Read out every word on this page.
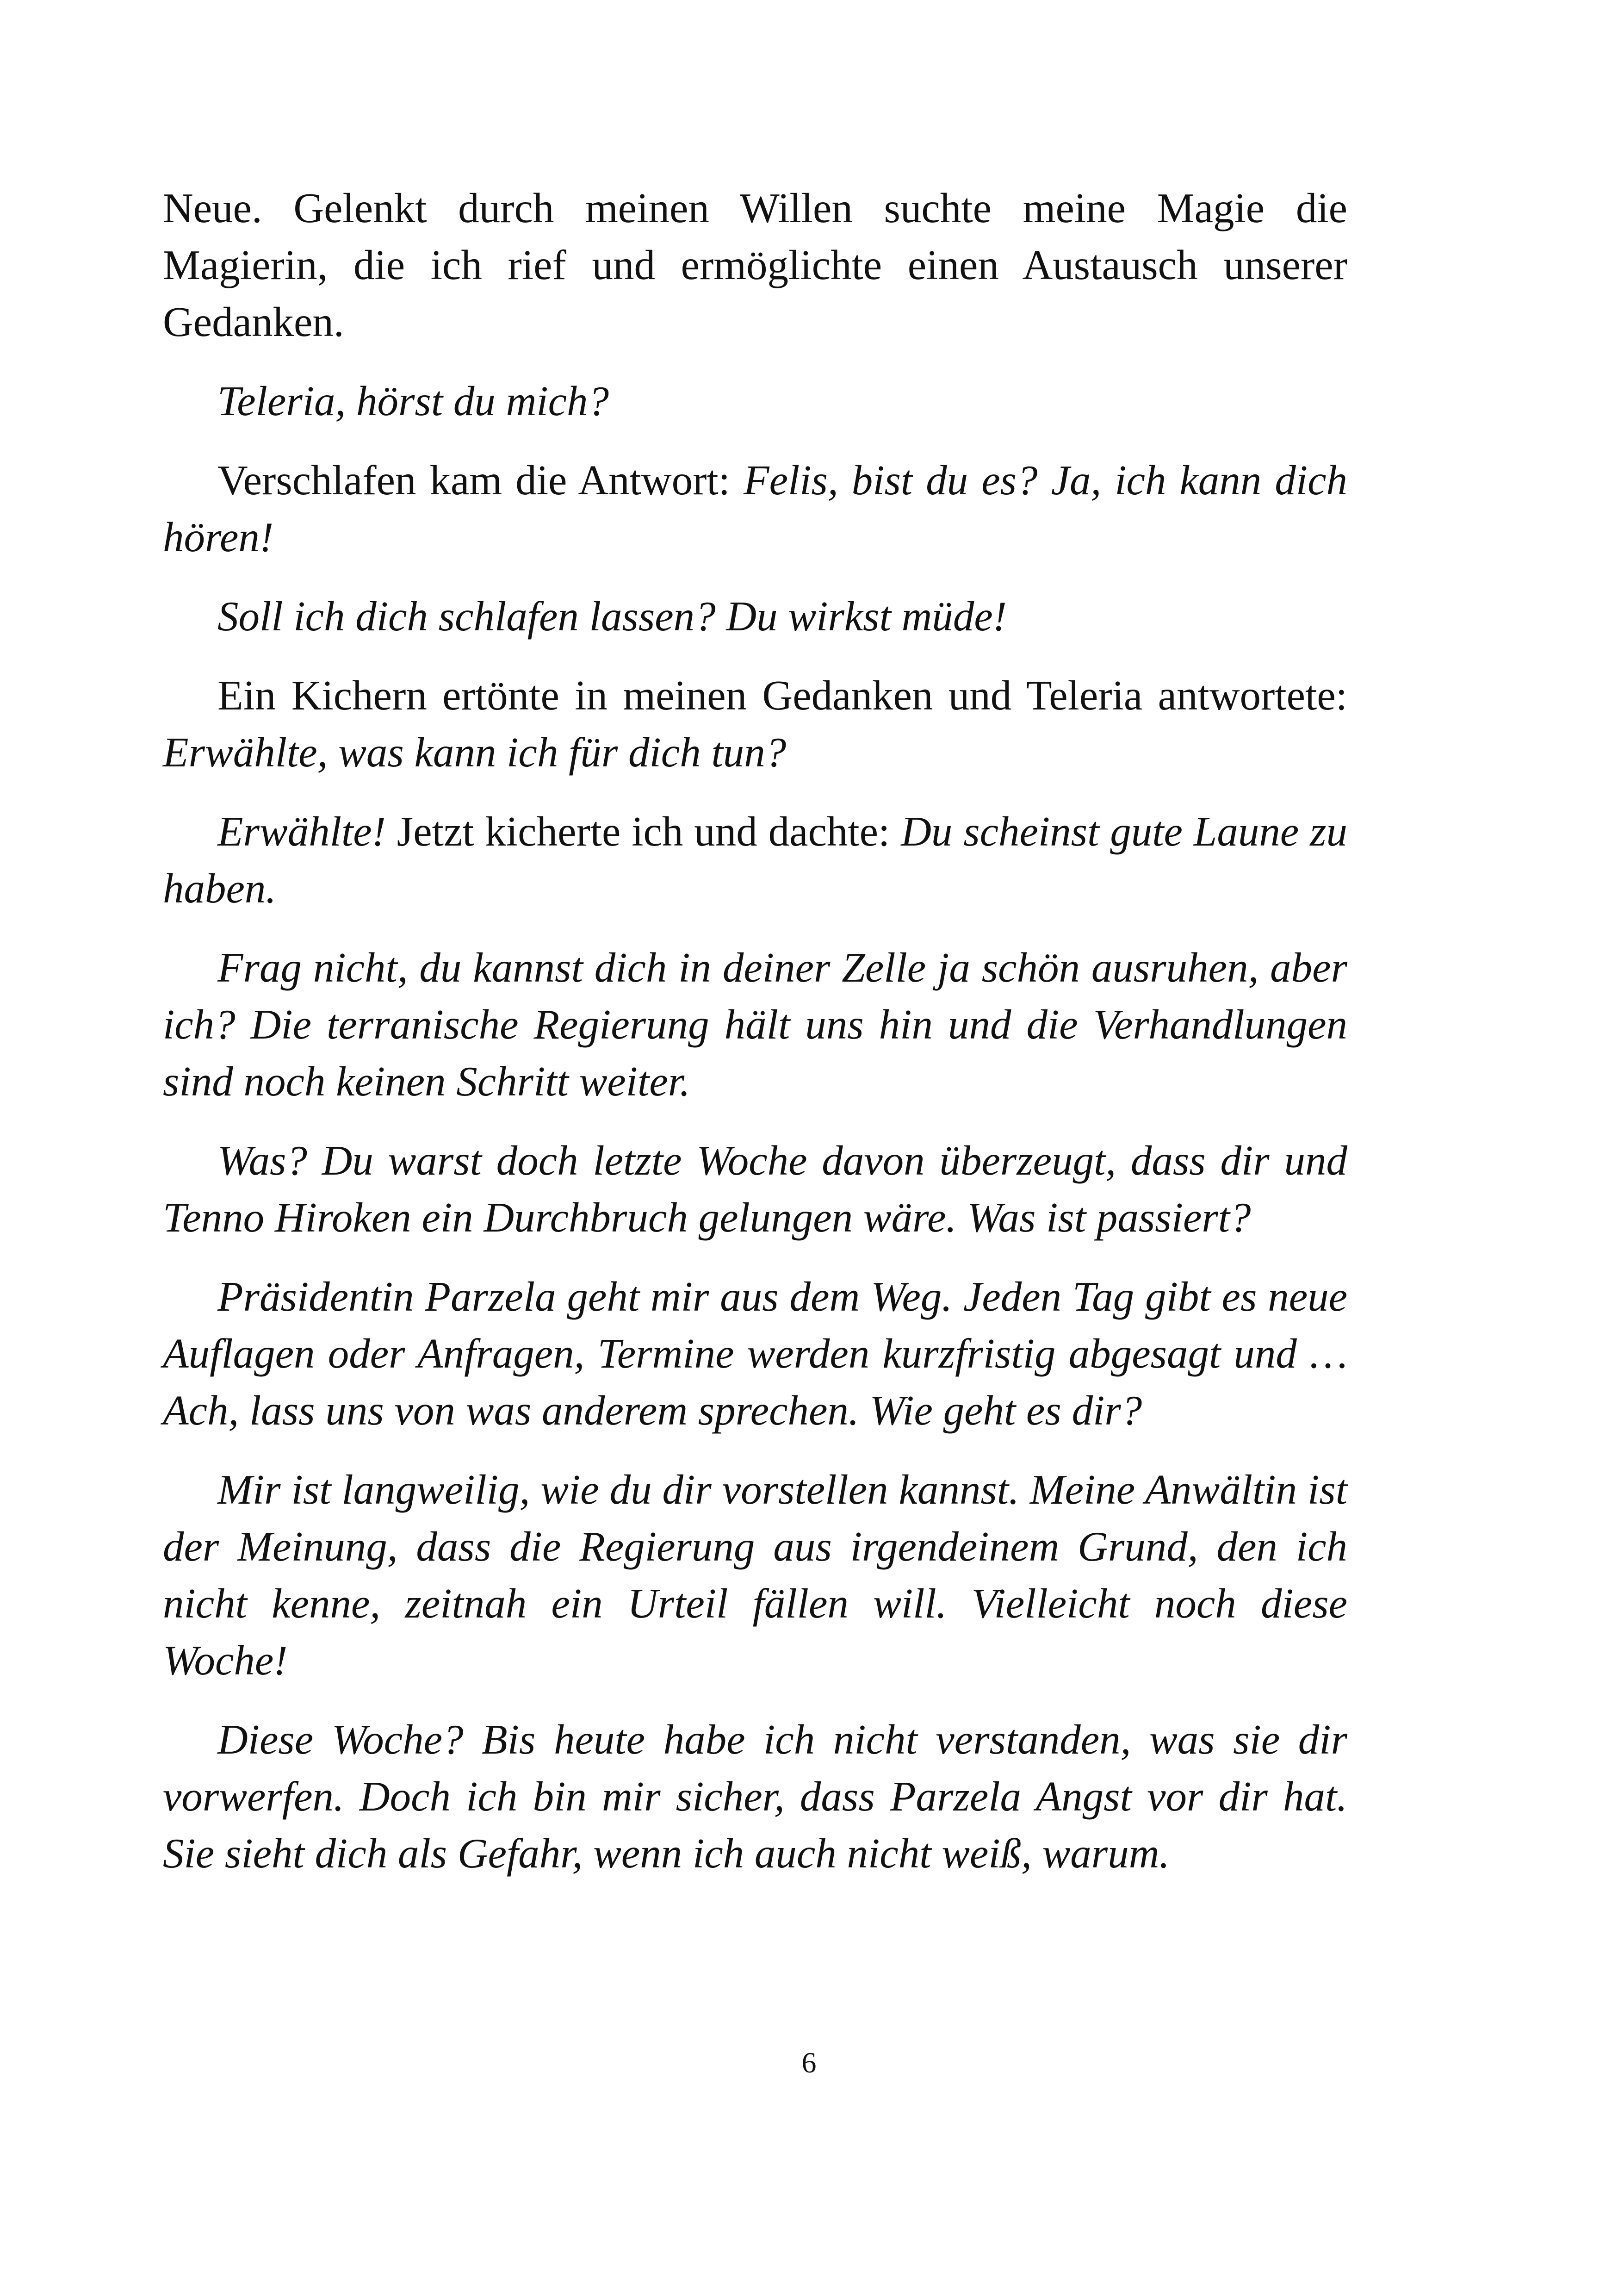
Neue. Gelenkt durch meinen Willen suchte meine Magie die Magierin, die ich rief und ermöglichte einen Austausch unserer Gedanken.

Teleria, hörst du mich?

Verschlafen kam die Antwort: Felis, bist du es? Ja, ich kann dich hören!

Soll ich dich schlafen lassen? Du wirkst müde!

Ein Kichern ertönte in meinen Gedanken und Teleria antwortete: Erwählte, was kann ich für dich tun?

Erwählte! Jetzt kicherte ich und dachte: Du scheinst gute Laune zu haben.

Frag nicht, du kannst dich in deiner Zelle ja schön ausruhen, aber ich? Die terranische Regierung hält uns hin und die Verhandlungen sind noch keinen Schritt weiter.

Was? Du warst doch letzte Woche davon überzeugt, dass dir und Tenno Hiroken ein Durchbruch gelungen wäre. Was ist passiert?

Präsidentin Parzela geht mir aus dem Weg. Jeden Tag gibt es neue Auflagen oder Anfragen, Termine werden kurzfristig abgesagt und … Ach, lass uns von was anderem sprechen. Wie geht es dir?

Mir ist langweilig, wie du dir vorstellen kannst. Meine Anwältin ist der Meinung, dass die Regierung aus irgendeinem Grund, den ich nicht kenne, zeitnah ein Urteil fällen will. Vielleicht noch diese Woche!

Diese Woche? Bis heute habe ich nicht verstanden, was sie dir vorwerfen. Doch ich bin mir sicher, dass Parzela Angst vor dir hat. Sie sieht dich als Gefahr, wenn ich auch nicht weiß, warum.

6
